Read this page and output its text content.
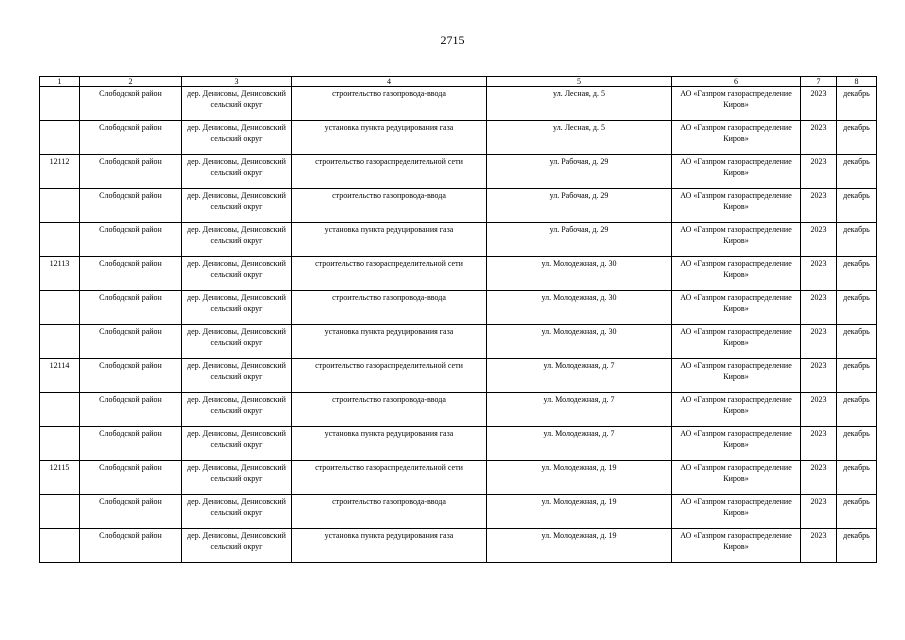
2715
1	2	3	4	5	6	7	8
	Слободской район	дер. Денисовы, Денисовский сельский округ	строительство газопровода-ввода	ул. Лесная, д. 5	АО «Газпром газораспределение Киров»	2023	декабрь
	Слободской район	дер. Денисовы, Денисовский сельский округ	установка пункта редуцирования газа	ул. Лесная, д. 5	АО «Газпром газораспределение Киров»	2023	декабрь
12112	Слободской район	дер. Денисовы, Денисовский сельский округ	строительство газораспределительной сети	ул. Рабочая, д. 29	АО «Газпром газораспределение Киров»	2023	декабрь
	Слободской район	дер. Денисовы, Денисовский сельский округ	строительство газопровода-ввода	ул. Рабочая, д. 29	АО «Газпром газораспределение Киров»	2023	декабрь
	Слободской район	дер. Денисовы, Денисовский сельский округ	установка пункта редуцирования газа	ул. Рабочая, д. 29	АО «Газпром газораспределение Киров»	2023	декабрь
12113	Слободской район	дер. Денисовы, Денисовский сельский округ	строительство газораспределительной сети	ул. Молодежная, д. 30	АО «Газпром газораспределение Киров»	2023	декабрь
	Слободской район	дер. Денисовы, Денисовский сельский округ	строительство газопровода-ввода	ул. Молодежная, д. 30	АО «Газпром газораспределение Киров»	2023	декабрь
	Слободской район	дер. Денисовы, Денисовский сельский округ	установка пункта редуцирования газа	ул. Молодежная, д. 30	АО «Газпром газораспределение Киров»	2023	декабрь
12114	Слободской район	дер. Денисовы, Денисовский сельский округ	строительство газораспределительной сети	ул. Молодежная, д. 7	АО «Газпром газораспределение Киров»	2023	декабрь
	Слободской район	дер. Денисовы, Денисовский сельский округ	строительство газопровода-ввода	ул. Молодежная, д. 7	АО «Газпром газораспределение Киров»	2023	декабрь
	Слободской район	дер. Денисовы, Денисовский сельский округ	установка пункта редуцирования газа	ул. Молодежная, д. 7	АО «Газпром газораспределение Киров»	2023	декабрь
12115	Слободской район	дер. Денисовы, Денисовский сельский округ	строительство газораспределительной сети	ул. Молодежная, д. 19	АО «Газпром газораспределение Киров»	2023	декабрь
	Слободской район	дер. Денисовы, Денисовский сельский округ	строительство газопровода-ввода	ул. Молодежная, д. 19	АО «Газпром газораспределение Киров»	2023	декабрь
	Слободской район	дер. Денисовы, Денисовский сельский округ	установка пункта редуцирования газа	ул. Молодежная, д. 19	АО «Газпром газораспределение Киров»	2023	декабрь
